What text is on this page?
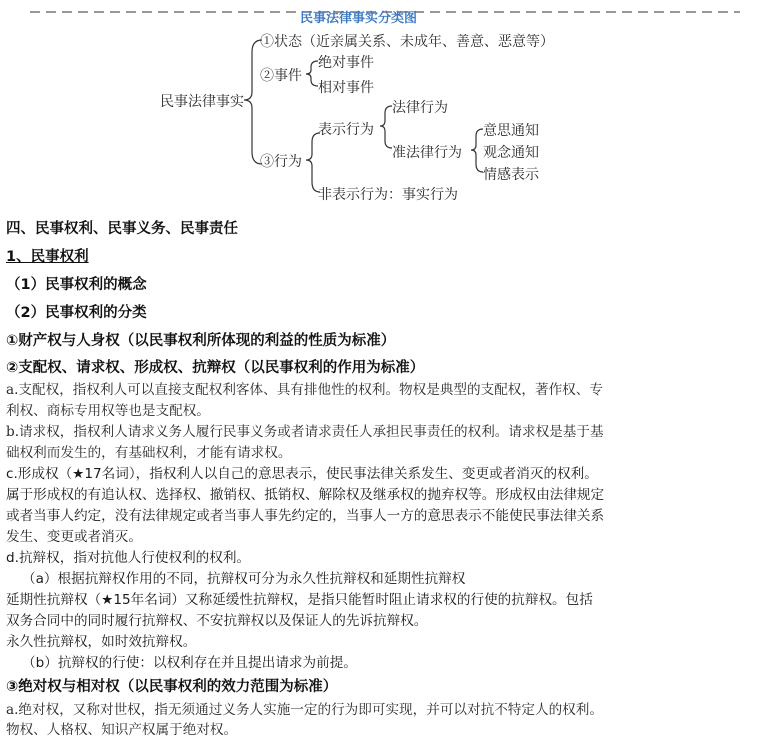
民事法律事实分类图
民事法律事实
①状态（近亲属关系、未成年、善意、恶意等）
②事件
绝对事件
相对事件
③行为
表示行为
法律行为
准法律行为
意思通知
观念通知
情感表示
非表示行为：事实行为
四、民事权利、民事义务、民事责任
1、民事权利
（1）民事权利的概念
（2）民事权利的分类
①财产权与人身权（以民事权利所体现的利益的性质为标准）
②支配权、请求权、形成权、抗辩权（以民事权利的作用为标准）
a.支配权，指权利人可以直接支配权利客体、具有排他性的权利。物权是典型的支配权，著作权、专
利权、商标专用权等也是支配权。
b.请求权，指权利人请求义务人履行民事义务或者请求责任人承担民事责任的权利。请求权是基于基
础权利而发生的，有基础权利，才能有请求权。
c.形成权（★17名词），指权利人以自己的意思表示，使民事法律关系发生、变更或者消灭的权利。
属于形成权的有追认权、选择权、撤销权、抵销权、解除权及继承权的抛弃权等。形成权由法律规定
或者当事人约定，没有法律规定或者当事人事先约定的，当事人一方的意思表示不能使民事法律关系
发生、变更或者消灭。
d.抗辩权，指对抗他人行使权利的权利。
（a）根据抗辩权作用的不同，抗辩权可分为永久性抗辩权和延期性抗辩权
延期性抗辩权（★15年名词）又称延缓性抗辩权，是指只能暂时阻止请求权的行使的抗辩权。包括
双务合同中的同时履行抗辩权、不安抗辩权以及保证人的先诉抗辩权。
永久性抗辩权，如时效抗辩权。
（b）抗辩权的行使：以权利存在并且提出请求为前提。
③绝对权与相对权（以民事权利的效力范围为标准）
a.绝对权，又称对世权，指无须通过义务人实施一定的行为即可实现，并可以对抗不特定人的权利。
物权、人格权、知识产权属于绝对权。
